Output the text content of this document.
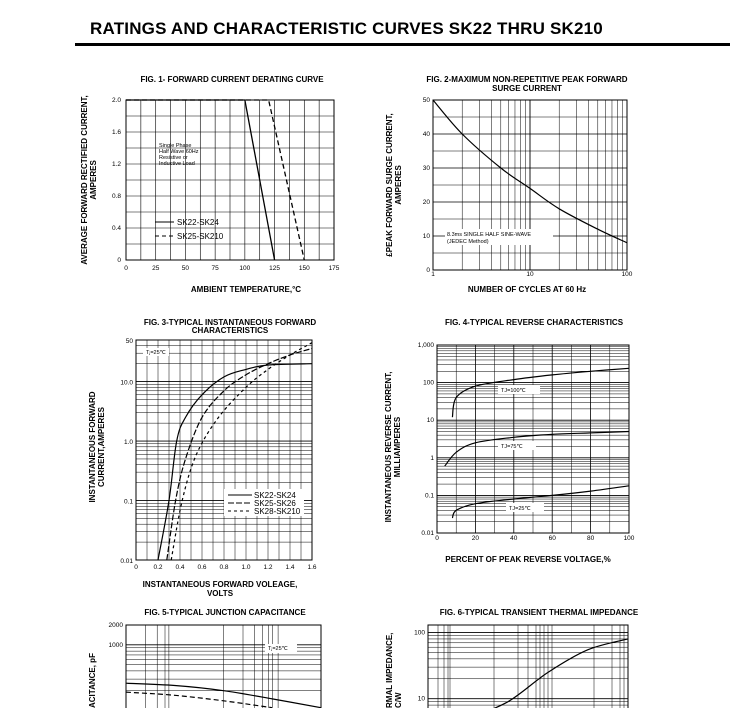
RATINGS AND CHARACTERISTIC CURVES SK22 THRU SK210
FIG. 1- FORWARD CURRENT DERATING CURVE
0	25	50	75	100	125	150	175
0
0.4
0.8
1.2
1.6
2.0
Single Phase
Half Wave 60Hz
Resistive or
Inductive Load
SK22-SK24
SK25-SK210
AMBIENT TEMPERATURE,°C
AVERAGE FORWARD RECTIFIED CURRENT, AMPERES
FIG. 2-MAXIMUM NON-REPETITIVE PEAK FORWARD
SURGE CURRENT
1	10	100
0
10
20
30
40
50
8.3ms SINGLE HALF SINE-WAVE
(JEDEC Method)
NUMBER OF CYCLES AT 60 Hz
£PEAK FORWARD SURGE CURRENT, AMPERES
FIG. 3-TYPICAL INSTANTANEOUS FORWARD
CHARACTERISTICS
0 0.2 0.4 0.6 0.8 1.0 1.2 1.4 1.6
0.01
0.1
1.0
10.0
50
Tⱼ=25℃
SK22-SK24
SK25-SK26
SK28-SK210
INSTANTANEOUS FORWARD VOLEAGE,
VOLTS
INSTANTANEOUS FORWARD CURRENT,AMPERES
FIG. 4-TYPICAL REVERSE CHARACTERISTICS
0	20	40	60	80	100
0.01
0.1
1
10
100
1,000
TJ=100℃
TJ=75℃
TJ=25℃
PERCENT OF PEAK REVERSE VOLTAGE,%
INSTANTANEOUS REVERSE CURRENT, MILLIAMPERES
FIG. 5-TYPICAL JUNCTION CAPACITANCE
1000
2000
Tⱼ=25℃
ACITANCE, pF
FIG. 6-TYPICAL TRANSIENT THERMAL IMPEDANCE
10
100
RMAL IMPEDANCE, C/W
